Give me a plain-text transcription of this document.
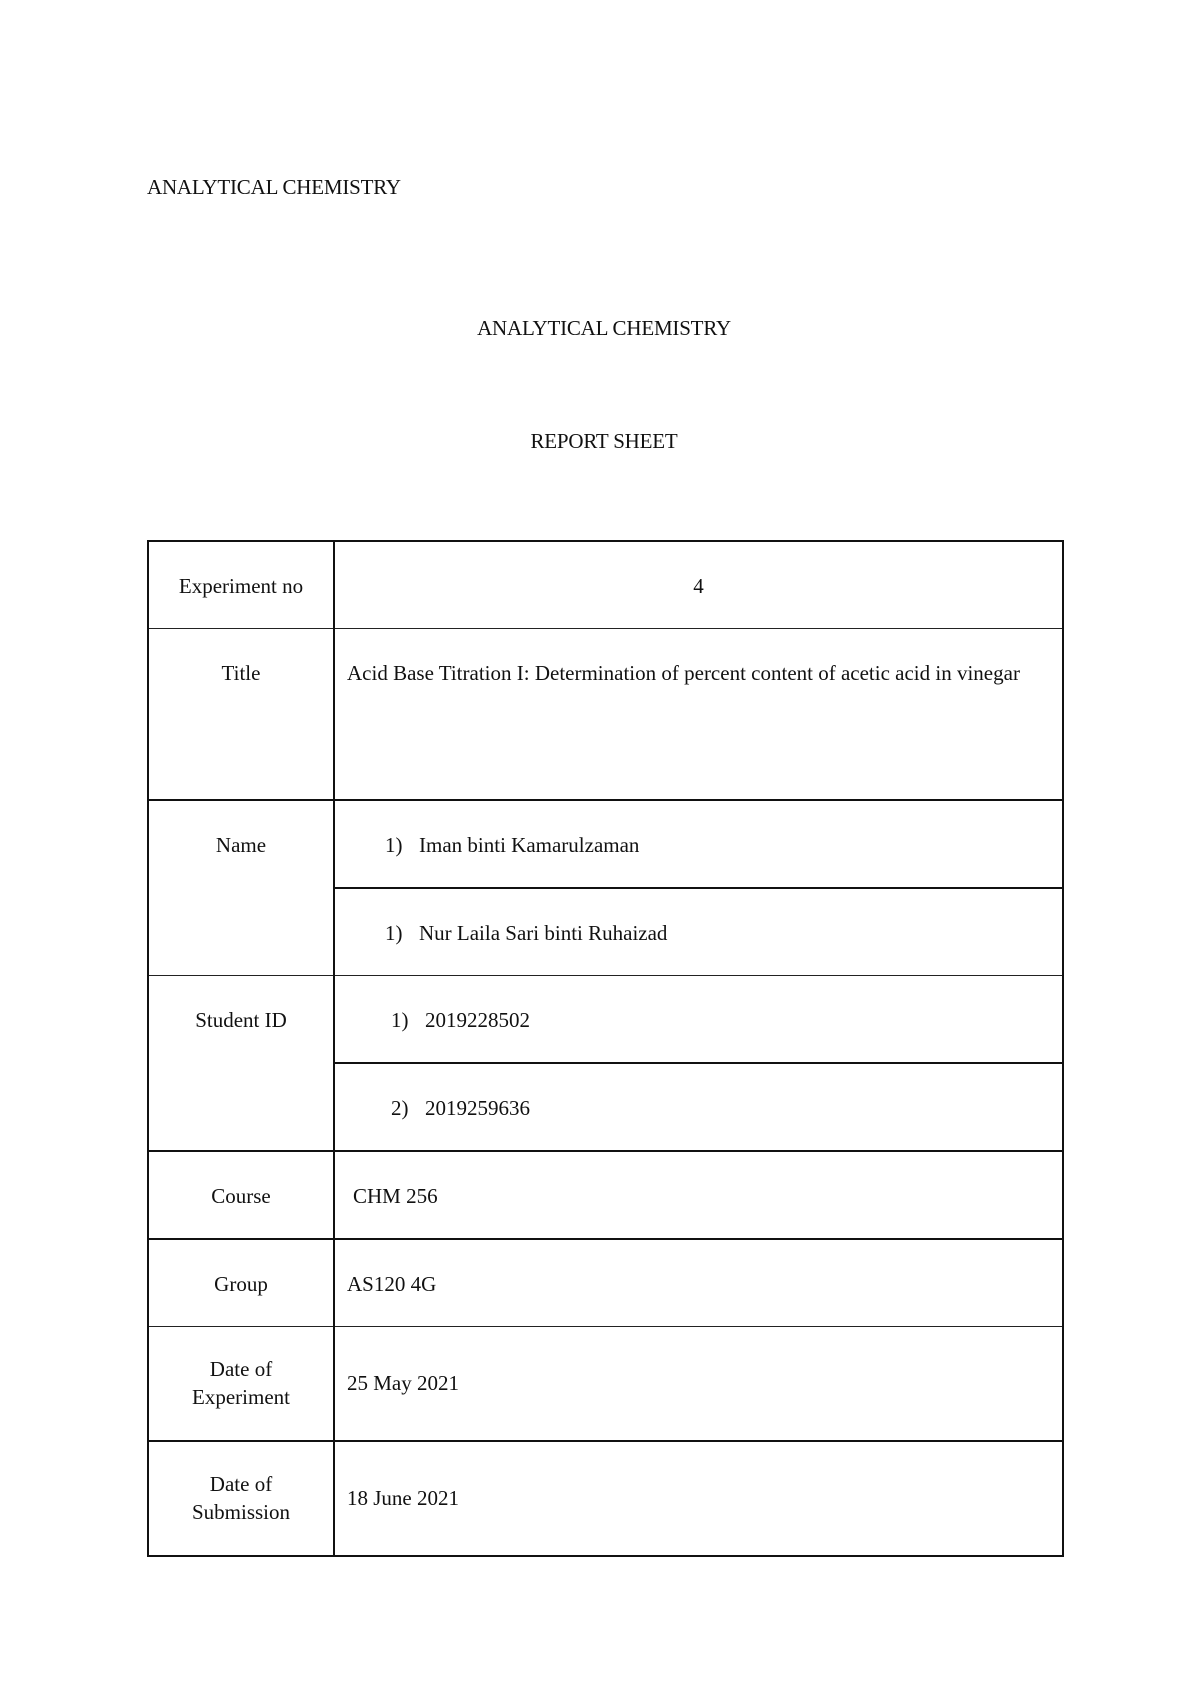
ANALYTICAL CHEMISTRY
ANALYTICAL CHEMISTRY
REPORT SHEET
Experiment no	4

Title	Acid Base Titration I: Determination of percent content of acetic acid in vinegar

Name	1) Iman binti Kamarulzaman

	1) Nur Laila Sari binti Ruhaizad

Student ID	1) 2019228502

	2) 2019259636

Course	CHM 256

Group	AS120 4G

Date of
Experiment	25 May 2021

Date of
Submission	18 June 2021
